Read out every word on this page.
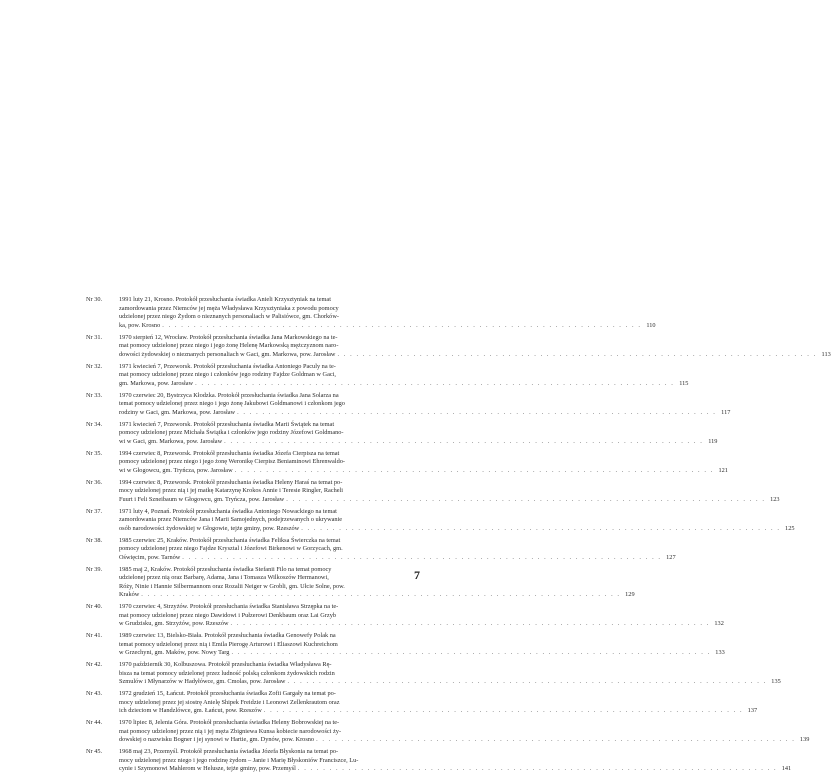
Nr 30.	1991 luty 21, Krosno. Protokół przesłuchania świadka Anieli Krzysztyniak na temat
zamordowania przez Niemców jej męża Władysława Krzysztyniaka z powodu pomocy
udzielonej przez niego Żydom o nieznanych personaliach w Palisiówce, gm. Chorków-
ka, pow. Krosno . . . . . . . . . . . . . . . . . . . . . . . . . . . . . . . . . . . . . . . . . . . . . . . . . . . . . . . . . . . . . . . . . . . . . . . . . . . . 110
Nr 31.	1970 sierpień 12, Wrocław. Protokół przesłuchania świadka Jana Markowskiego na te-
mat pomocy udzielonej przez niego i jego żonę Helenę Markowską mężczyznom naro-
dowości żydowskiej o nieznanych personaliach w Gaci, gm. Markowa, pow. Jarosław . . . . . . . . . . . . . . . . . . . . . . . . . . . . . . . . . . . . . . . . . . . . . . . . . . . . . . . . . . . . . . . . . . . . . . . . . . . . 113
Nr 32.	1971 kwiecień 7, Przeworsk. Protokół przesłuchania świadka Antoniego Paculy na te-
mat pomocy udzielonej przez niego i członków jego rodziny Fajdze Goldman w Gaci,
gm. Markowa, pow. Jarosław . . . . . . . . . . . . . . . . . . . . . . . . . . . . . . . . . . . . . . . . . . . . . . . . . . . . . . . . . . . . . . . . . . . . . . . . . . . . 115
Nr 33.	1970 czerwiec 20, Bystrzyca Kłodzka. Protokół przesłuchania świadka Jana Solarza na
temat pomocy udzielonej przez niego i jego żonę Jakubowi Goldmanowi i członkom jego
rodziny w Gaci, gm. Markowa, pow. Jarosław . . . . . . . . . . . . . . . . . . . . . . . . . . . . . . . . . . . . . . . . . . . . . . . . . . . . . . . . . . . . . . . . . . . . . . . . . . . . 117
Nr 34.	1971 kwiecień 7, Przeworsk. Protokół przesłuchania świadka Marii Świątek na temat
pomocy udzielonej przez Michała Świątka i członków jego rodziny Józefowi Goldmano-
wi w Gaci, gm. Markowa, pow. Jarosław . . . . . . . . . . . . . . . . . . . . . . . . . . . . . . . . . . . . . . . . . . . . . . . . . . . . . . . . . . . . . . . . . . . . . . . . . . . . 119
Nr 35.	1994 czerwiec 8, Przeworsk. Protokół przesłuchania świadka Józefa Cierpisza na temat
pomocy udzielonej przez niego i jego żonę Weronikę Cierpisz Beniaminowi Ehrenwaldo-
wi w Głogowcu, gm. Tryńcza, pow. Jarosław . . . . . . . . . . . . . . . . . . . . . . . . . . . . . . . . . . . . . . . . . . . . . . . . . . . . . . . . . . . . . . . . . . . . . . . . . . . . 121
Nr 36.	1994 czerwiec 8, Przeworsk. Protokół przesłuchania świadka Heleny Haraś na temat po-
mocy udzielonej przez nią i jej matkę Katarzynę Krokos Annie i Teresie Ringler, Racheli
Fuurt i Feli Szneibaum w Głogowcu, gm. Tryńcza, pow. Jarosław . . . . . . . . . . . . . . . . . . . . . . . . . . . . . . . . . . . . . . . . . . . . . . . . . . . . . . . . . . . . . . . . . . . . . . . . . . . . 123
Nr 37.	1971 luty 4, Poznań. Protokół przesłuchania świadka Antoniego Nowackiego na temat
zamordowania przez Niemców Jana i Marii Samojednych, podejrzewanych o ukrywanie
osób narodowości żydowskiej w Głogowie, tejże gminy, pow. Rzeszów . . . . . . . . . . . . . . . . . . . . . . . . . . . . . . . . . . . . . . . . . . . . . . . . . . . . . . . . . . . . . . . . . . . . . . . . . . . . 125
Nr 38.	1985 czerwiec 25, Kraków. Protokół przesłuchania świadka Feliksa Świerczka na temat
pomocy udzielonej przez niego Fajdze Krysztal i Józefowi Birkenowi w Gorzycach, gm.
Oświęcim, pow. Tarnów . . . . . . . . . . . . . . . . . . . . . . . . . . . . . . . . . . . . . . . . . . . . . . . . . . . . . . . . . . . . . . . . . . . . . . . . . . . . 127
Nr 39.	1985 maj 2, Kraków. Protokół przesłuchania świadka Stefanii Filo na temat pomocy
udzielonej przez nią oraz Barbarę, Adama, Jana i Tomasza Wilkoszów Hermanowi,
Róży, Ninie i Hannie Silbermannom oraz Rozalii Neiger w Grobli, gm. Ułcie Solne, pow.
Kraków . . . . . . . . . . . . . . . . . . . . . . . . . . . . . . . . . . . . . . . . . . . . . . . . . . . . . . . . . . . . . . . . . . . . . . . . . . . . 129
Nr 40.	1970 czerwiec 4, Strzyżów. Protokół przesłuchania świadka Stanisława Strzępka na te-
mat pomocy udzielonej przez niego Dawidowi i Pułzerowi Denkbaum oraz Lai Grzyb
w Grudzisku, gm. Strzyżów, pow. Rzeszów . . . . . . . . . . . . . . . . . . . . . . . . . . . . . . . . . . . . . . . . . . . . . . . . . . . . . . . . . . . . . . . . . . . . . . . . . . . . 132
Nr 41.	1989 czerwiec 13, Bielsko-Biała. Protokół przesłuchania świadka Genowefy Polak na
temat pomocy udzielonej przez nią i Emila Pierogę Arturowi i Eliaszowi Kuchreichom
w Grzechyni, gm. Maków, pow. Nowy Targ . . . . . . . . . . . . . . . . . . . . . . . . . . . . . . . . . . . . . . . . . . . . . . . . . . . . . . . . . . . . . . . . . . . . . . . . . . . . 133
Nr 42.	1970 październik 30, Kolbuszowa. Protokół przesłuchania świadka Władysława Rę-
bisza na temat pomocy udzielonej przez ludność polską członkom żydowskich rodzin
Szmulów i Młynarzów w Hadyłówce, gm. Cmolas, pow. Jarosław . . . . . . . . . . . . . . . . . . . . . . . . . . . . . . . . . . . . . . . . . . . . . . . . . . . . . . . . . . . . . . . . . . . . . . . . . . . . 135
Nr 43.	1972 grudzień 15, Łańcut. Protokół przesłuchania świadka Zofii Gargały na temat po-
mocy udzielonej przez jej siostrę Anielę Shipek Freidzie i Leonowi Zellenkrautom oraz
ich dzieciom w Handzlówce, gm. Łańcut, pow. Rzeszów . . . . . . . . . . . . . . . . . . . . . . . . . . . . . . . . . . . . . . . . . . . . . . . . . . . . . . . . . . . . . . . . . . . . . . . . . . . . 137
Nr 44.	1970 lipiec 8, Jelenia Góra. Protokół przesłuchania świadka Heleny Bobrowskiej na te-
mat pomocy udzielonej przez nią i jej męża Zbigniewa Kunsa kobiecie narodowości ży-
dowskiej o nazwisku Bogner i jej synowi w Hartie, gm. Dynów, pow. Krosno . . . . . . . . . . . . . . . . . . . . . . . . . . . . . . . . . . . . . . . . . . . . . . . . . . . . . . . . . . . . . . . . . . . . . . . . . . . . 139
Nr 45.	1968 maj 23, Przemyśl. Protokół przesłuchania świadka Józefa Błyskonia na temat po-
mocy udzielonej przez niego i jego rodzinę żydom – Janie i Marię Błyskoniów Franciszce, Lu-
cynie i Szymonowi Mahlerom w Helusze, tejże gminy, pow. Przemyśl . . . . . . . . . . . . . . . . . . . . . . . . . . . . . . . . . . . . . . . . . . . . . . . . . . . . . . . . . . . . . . . . . . . . . . . . . . . . 141
7
